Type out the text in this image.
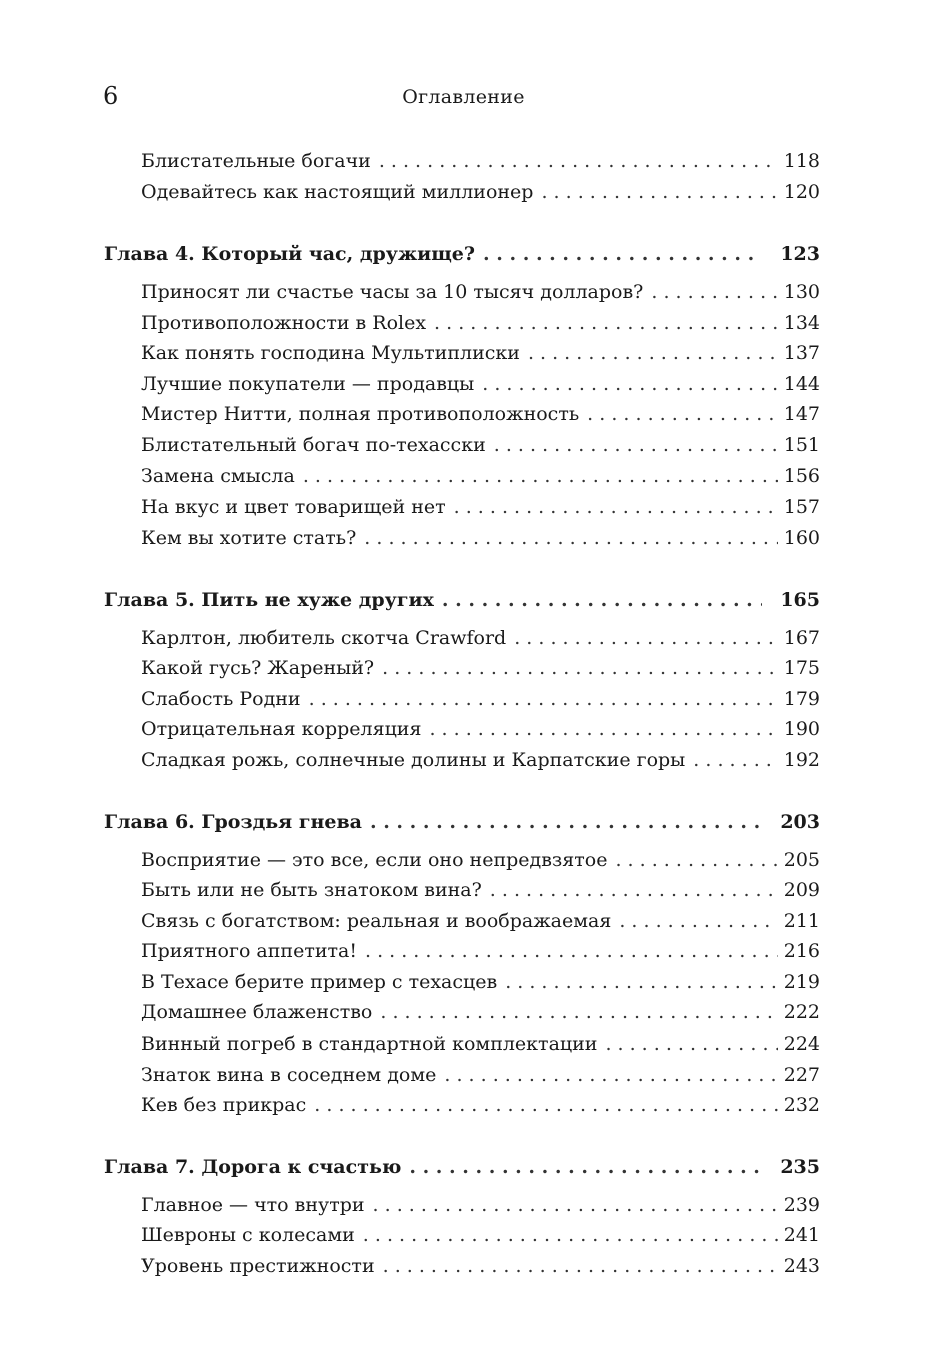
6	Оглавление
Блистательные богачи . . .	118
Одевайтесь как настоящий миллионер . . .	120
Глава 4. Который час, дружище? . . .	123
Приносят ли счастье часы за 10 тысяч долларов? . . .	130
Противоположности в Rolex . . .	134
Как понять господина Мультиплиски . . .	137
Лучшие покупатели — продавцы . . .	144
Мистер Нитти, полная противоположность . . .	147
Блистательный богач по-техасски . . .	151
Замена смысла . . .	156
На вкус и цвет товарищей нет . . .	157
Кем вы хотите стать? . . .	160
Глава 5. Пить не хуже других . . .	165
Карлтон, любитель скотча Crawford . . .	167
Какой гусь? Жареный? . . .	175
Слабость Родни . . .	179
Отрицательная корреляция . . .	190
Сладкая рожь, солнечные долины и Карпатские горы . . .	192
Глава 6. Гроздья гнева . . .	203
Восприятие — это все, если оно непредвзятое . . .	205
Быть или не быть знатоком вина? . . .	209
Связь с богатством: реальная и воображаемая . . .	211
Приятного аппетита! . . .	216
В Техасе берите пример с техасцев . . .	219
Домашнее блаженство . . .	222
Винный погреб в стандартной комплектации . . .	224
Знаток вина в соседнем доме . . .	227
Кев без прикрас . . .	232
Глава 7. Дорога к счастью . . .	235
Главное — что внутри . . .	239
Шевроны с колесами . . .	241
Уровень престижности . . .	243
